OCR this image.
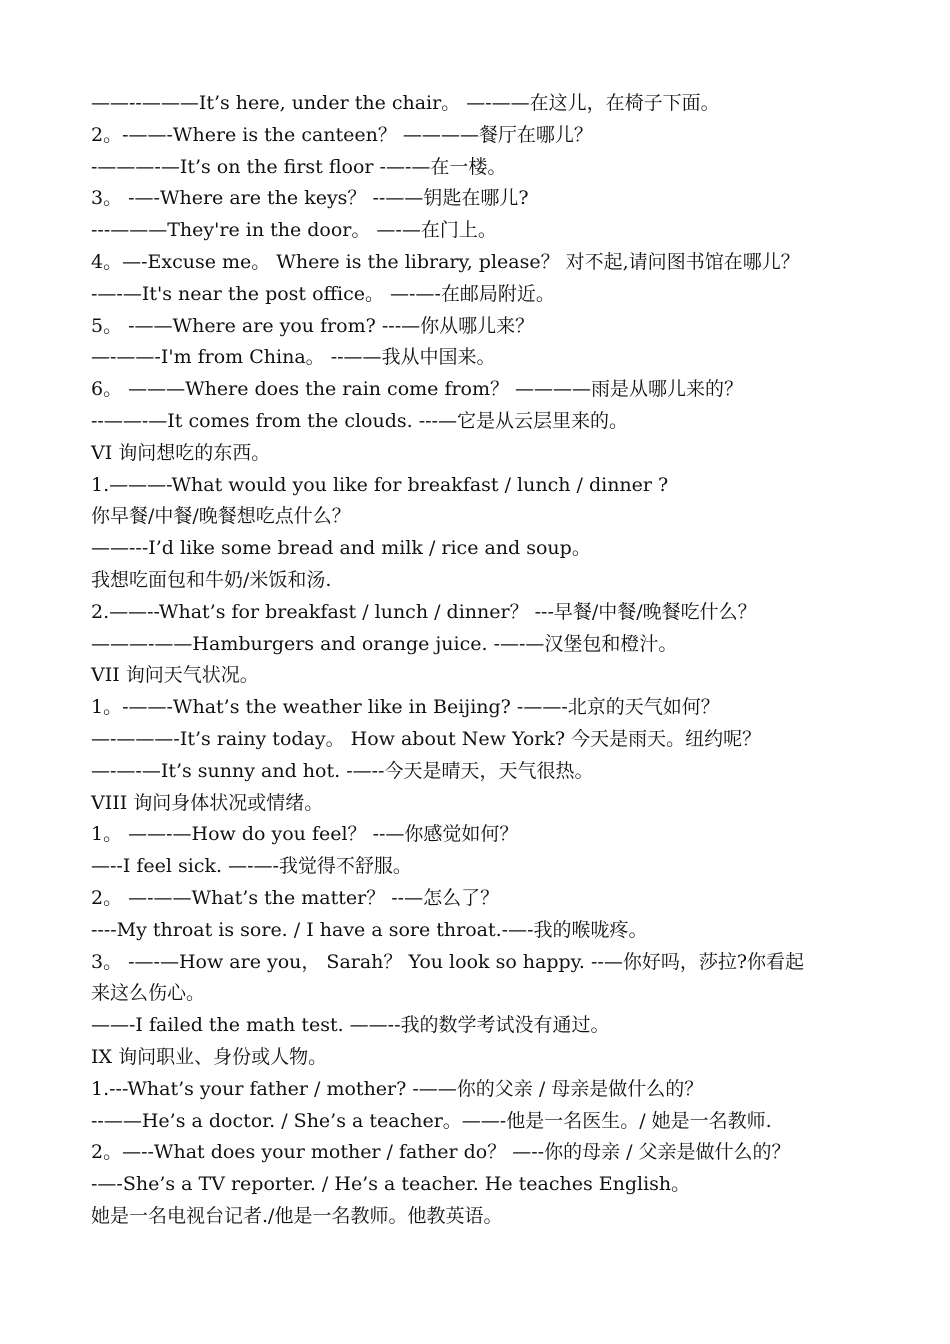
——--———It’s here, under the chair。 —-——在这儿，在椅子下面。
2。-——-Where is the canteen？ ————餐厅在哪儿？
-———-—It’s on the first floor -—-—在一楼。
3。 -—-Where are the keys？ --——钥匙在哪儿?
---———They're in the door。 —-—在门上。
4。—-Excuse me。 Where is the library, please？ 对不起,请问图书馆在哪儿？
-—-—It's near the post office。 —-—-在邮局附近。
5。 -——Where are you from? ---—你从哪儿来？
—-——-I'm from China。 --——我从中国来。
6。 ———Where does the rain come from？ ————雨是从哪儿来的？
--——-—It comes from the clouds. ---—它是从云层里来的。
VI 询问想吃的东西。
1.———-What would you like for breakfast / lunch / dinner ?
你早餐/中餐/晚餐想吃点什么？
——---I’d like some bread and milk / rice and soup。
我想吃面包和牛奶/米饭和汤.
2.——--What’s for breakfast / lunch / dinner？ ---早餐/中餐/晚餐吃什么？
———-——Hamburgers and orange juice. -—-—汉堡包和橙汁。
VII 询问天气状况。
1。-——-What’s the weather like in Beijing? -——-北京的天气如何？
—-———-It’s rainy today。 How about New York? 今天是雨天。纽约呢？
—-—-—It’s sunny and hot. -—--今天是晴天，天气很热。
VIII 询问身体状况或情绪。
1。 ——-—How do you feel？ --—你感觉如何？
—--I feel sick. —-—-我觉得不舒服。
2。 —-——What’s the matter？ --—怎么了？
----My throat is sore. / I have a sore throat.-—-我的喉咙疼。
3。 -—-—How are you， Sarah？ You look so happy. --—你好吗，莎拉?你看起
来这么伤心。
——-I failed the math test. ——--我的数学考试没有通过。
IX 询问职业、身份或人物。
1.---What’s your father / mother? -——你的父亲 / 母亲是做什么的？
--——He’s a doctor. / She’s a teacher。——-他是一名医生。/ 她是一名教师.
2。—--What does your mother / father do？ —--你的母亲 / 父亲是做什么的？
-—-She’s a TV reporter. / He’s a teacher. He teaches English。
她是一名电视台记者./他是一名教师。他教英语。
